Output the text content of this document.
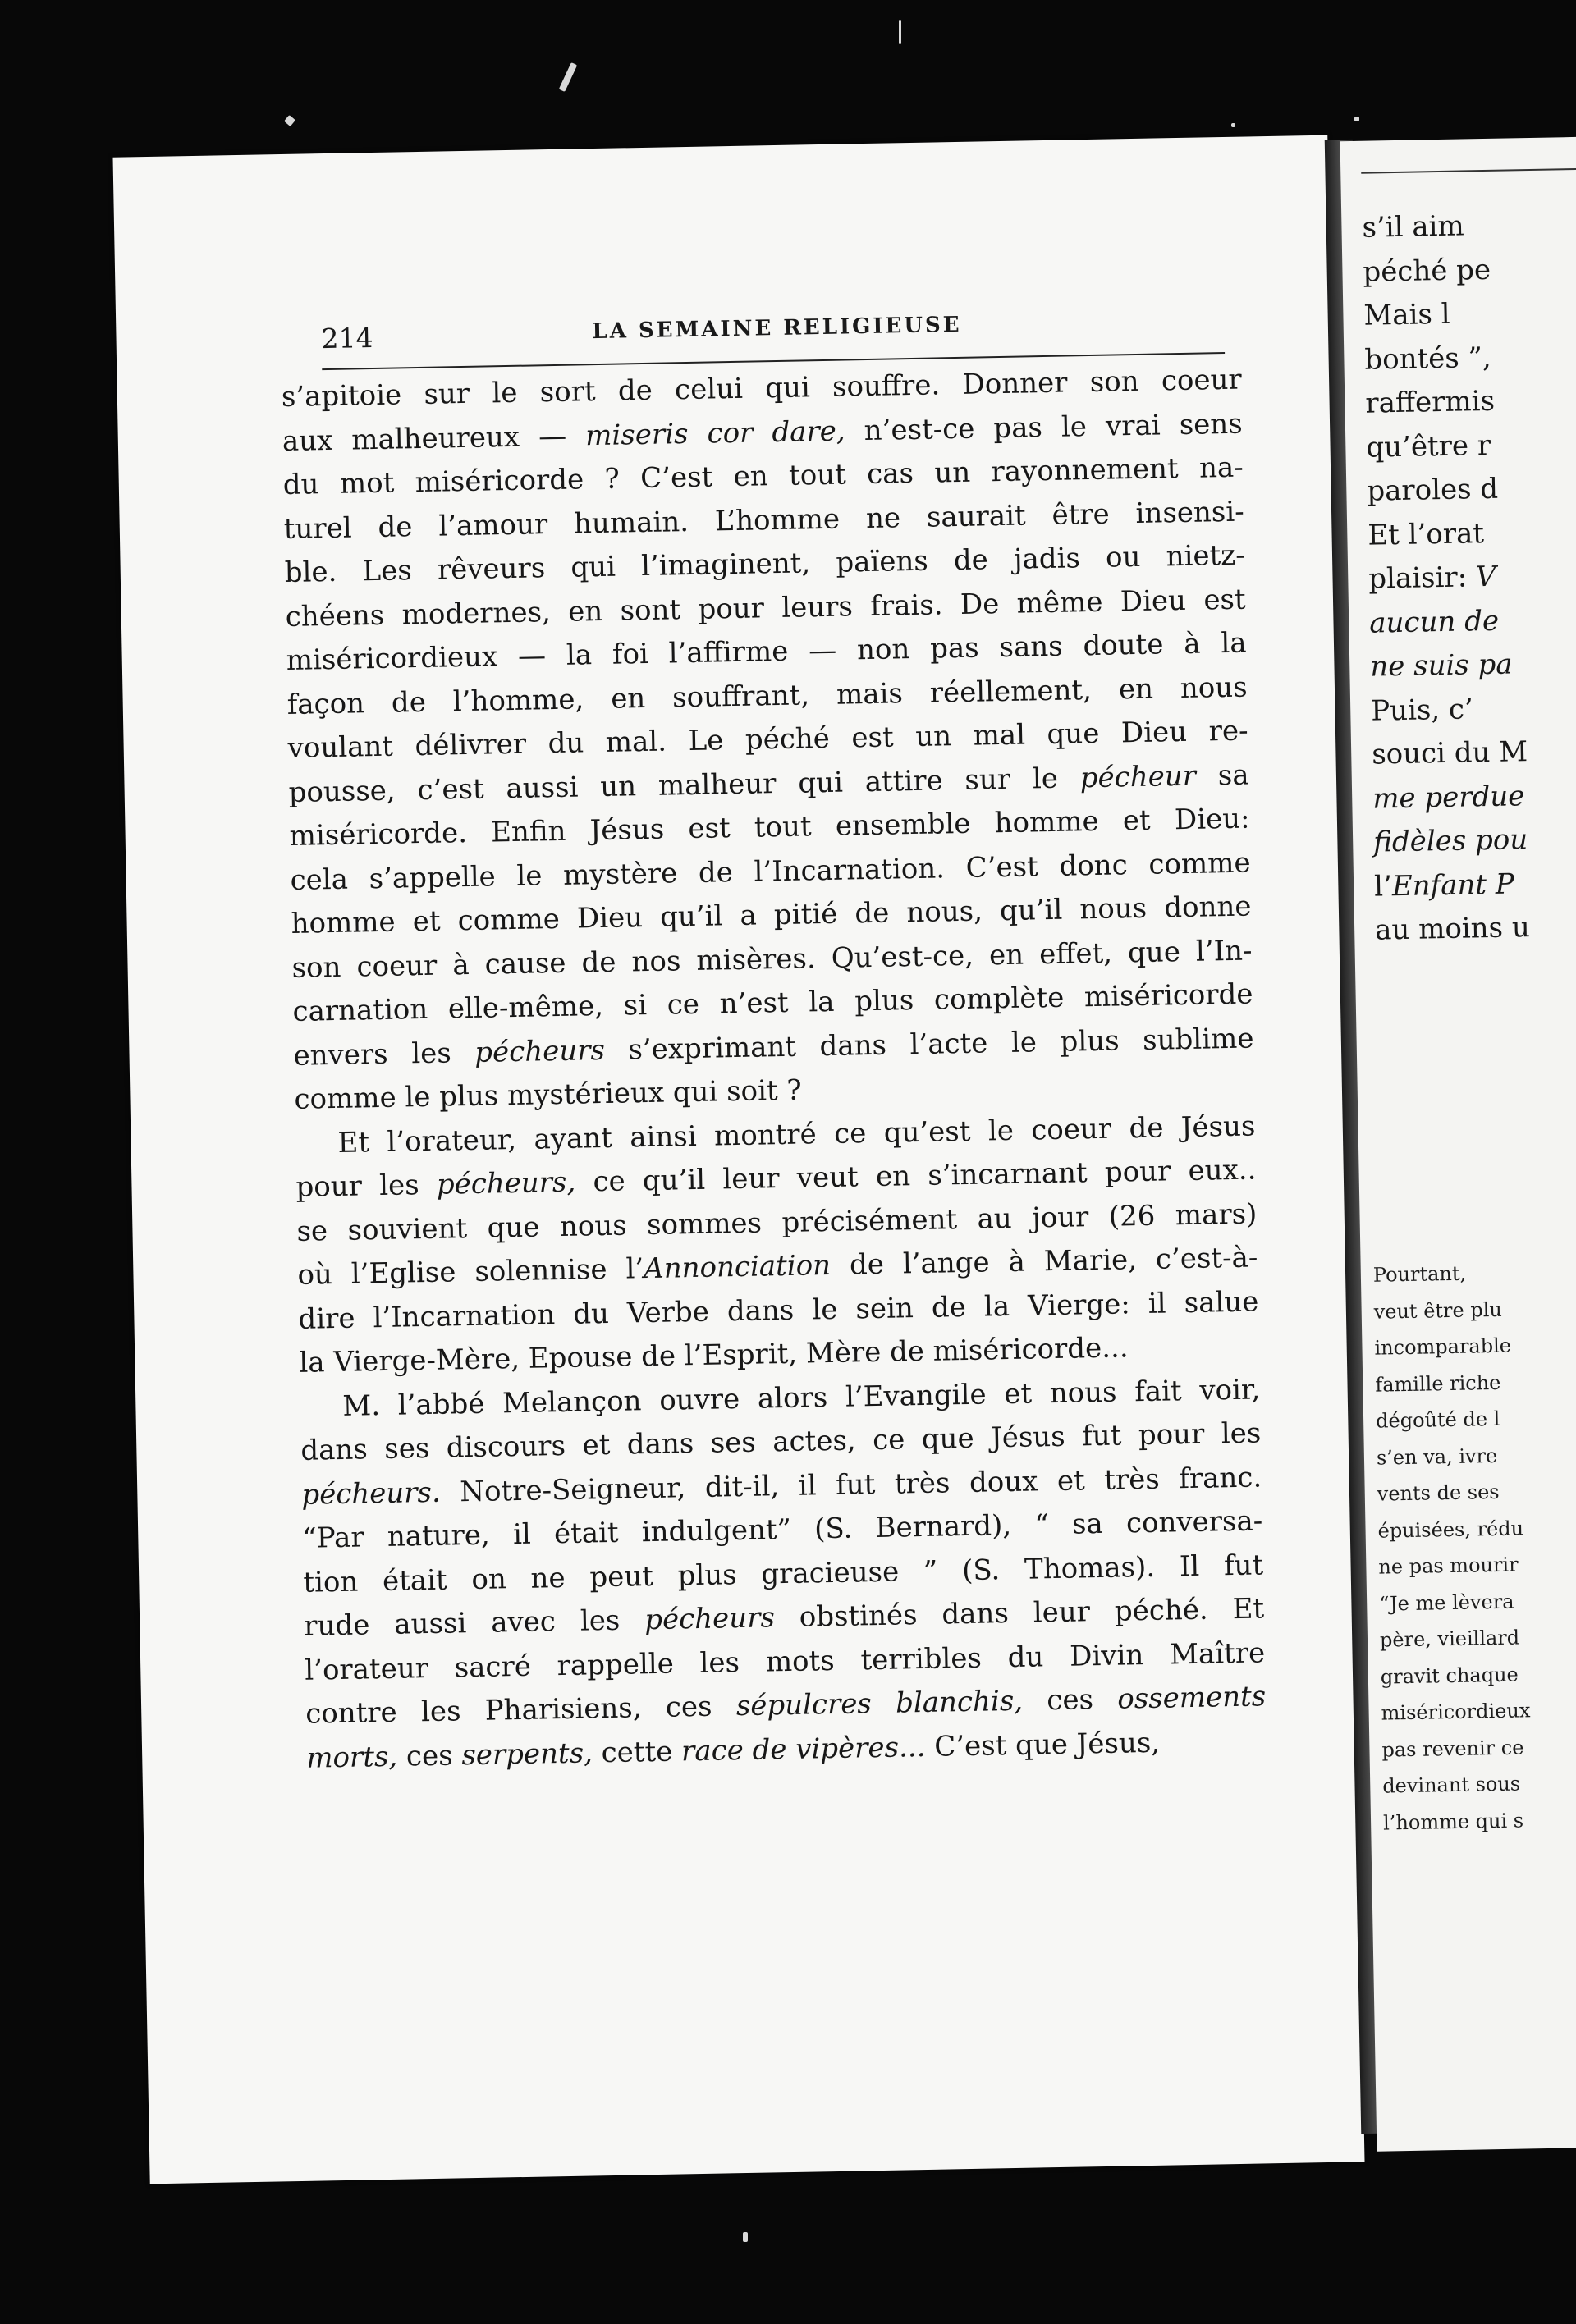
214	LA SEMAINE RELIGIEUSE
s’apitoie sur le sort de celui qui souffre. Donner son coeur
aux malheureux — miseris cor dare, n’est-ce pas le vrai sens
du mot miséricorde ? C’est en tout cas un rayonnement na-
turel de l’amour humain. L’homme ne saurait être insensi-
ble. Les rêveurs qui l’imaginent, païens de jadis ou nietz-
chéens modernes, en sont pour leurs frais. De même Dieu est
miséricordieux — la foi l’affirme — non pas sans doute à la
façon de l’homme, en souffrant, mais réellement, en nous
voulant délivrer du mal. Le péché est un mal que Dieu re-
pousse, c’est aussi un malheur qui attire sur le pécheur sa
miséricorde. Enfin Jésus est tout ensemble homme et Dieu:
cela s’appelle le mystère de l’Incarnation. C’est donc comme
homme et comme Dieu qu’il a pitié de nous, qu’il nous donne
son coeur à cause de nos misères. Qu’est-ce, en effet, que l’In-
carnation elle-même, si ce n’est la plus complète miséricorde
envers les pécheurs s’exprimant dans l’acte le plus sublime
comme le plus mystérieux qui soit ?
Et l’orateur, ayant ainsi montré ce qu’est le coeur de Jésus
pour les pécheurs, ce qu’il leur veut en s’incarnant pour eux..
se souvient que nous sommes précisément au jour (26 mars)
où l’Eglise solennise l’Annonciation de l’ange à Marie, c’est-à-
dire l’Incarnation du Verbe dans le sein de la Vierge: il salue
la Vierge-Mère, Epouse de l’Esprit, Mère de miséricorde...
M. l’abbé Melançon ouvre alors l’Evangile et nous fait voir,
dans ses discours et dans ses actes, ce que Jésus fut pour les
pécheurs. Notre-Seigneur, dit-il, il fut très doux et très franc.
“Par nature, il était indulgent” (S. Bernard), “ sa conversa-
tion était on ne peut plus gracieuse ” (S. Thomas). Il fut
rude aussi avec les pécheurs obstinés dans leur péché. Et
l’orateur sacré rappelle les mots terribles du Divin Maître
contre les Pharisiens, ces sépulcres blanchis, ces ossements
morts, ces serpents, cette race de vipères... C’est que Jésus,
s’il aim
péché pe
Mais l
bontés ”,
raffermis
qu’être r
paroles d
Et l’orat
plaisir: V
aucun de
ne suis pa
Puis, c’
souci du M
me perdue
fidèles pou
l’Enfant P
au moins u
Pourtant,
veut être plu
incomparable
famille riche
dégoûté de l
s’en va, ivre
vents de ses
épuisées, rédu
ne pas mourir
“Je me lèvera
père, vieillard
gravit chaque
miséricordieux
pas revenir ce
devinant sous
l’homme qui s
